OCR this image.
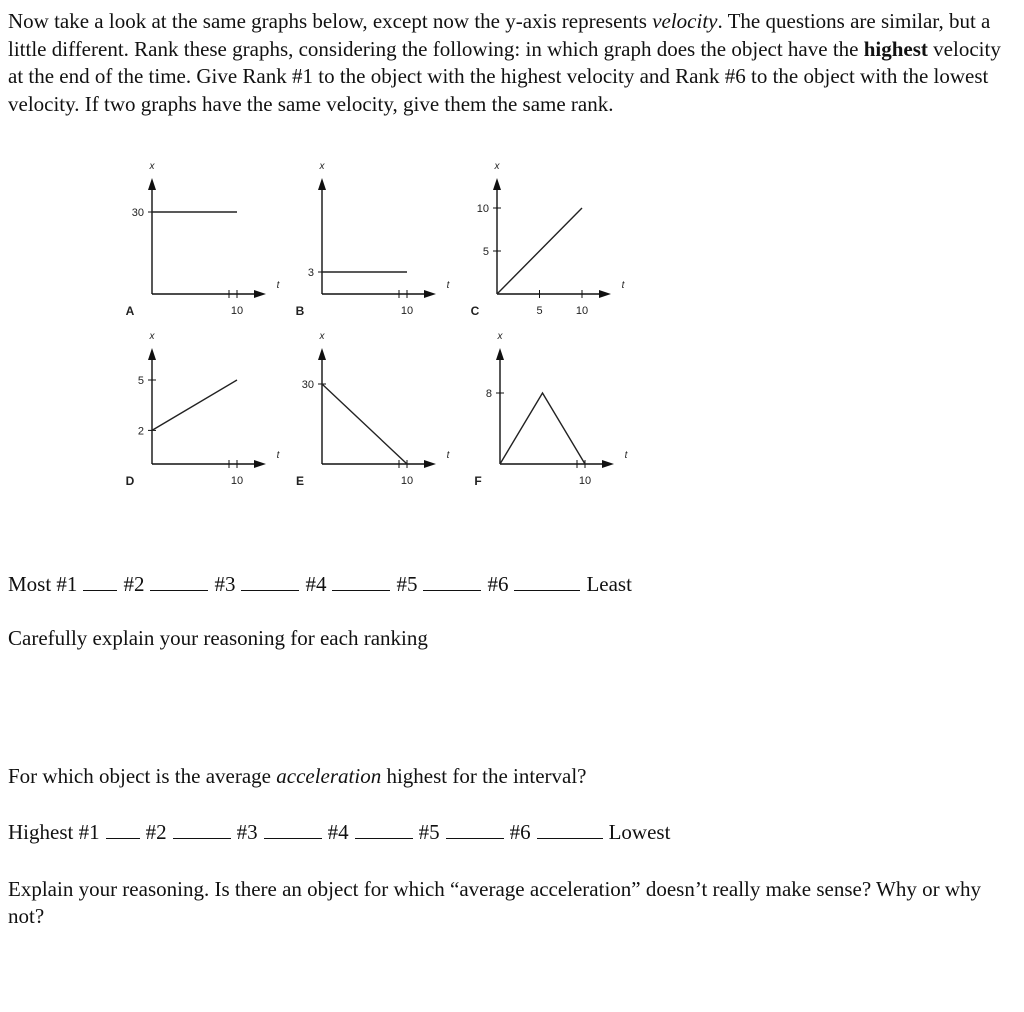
Now take a look at the same graphs below, except now the y-axis represents velocity. The questions are similar, but a little different. Rank these graphs, considering the following: in which graph does the object have the highest velocity at the end of the time. Give Rank #1 to the object with the highest velocity and Rank #6 to the object with the lowest velocity. If two graphs have the same velocity, give them the same rank.

x
t
A	10
30
x
t
B	10
3
x
t
C	5	10
5
10
x
t
D	10
2
5
x
t
E	10
30
x
t
F	10
8
Most #1 #2	#3	#4	#5	#6	Least

Carefully explain your reasoning for each ranking

For which object is the average acceleration highest for the interval?

Highest #1 #2	#3	#4	#5	#6	Lowest

Explain your reasoning. Is there an object for which “average acceleration” doesn’t really make sense? Why or why not?
